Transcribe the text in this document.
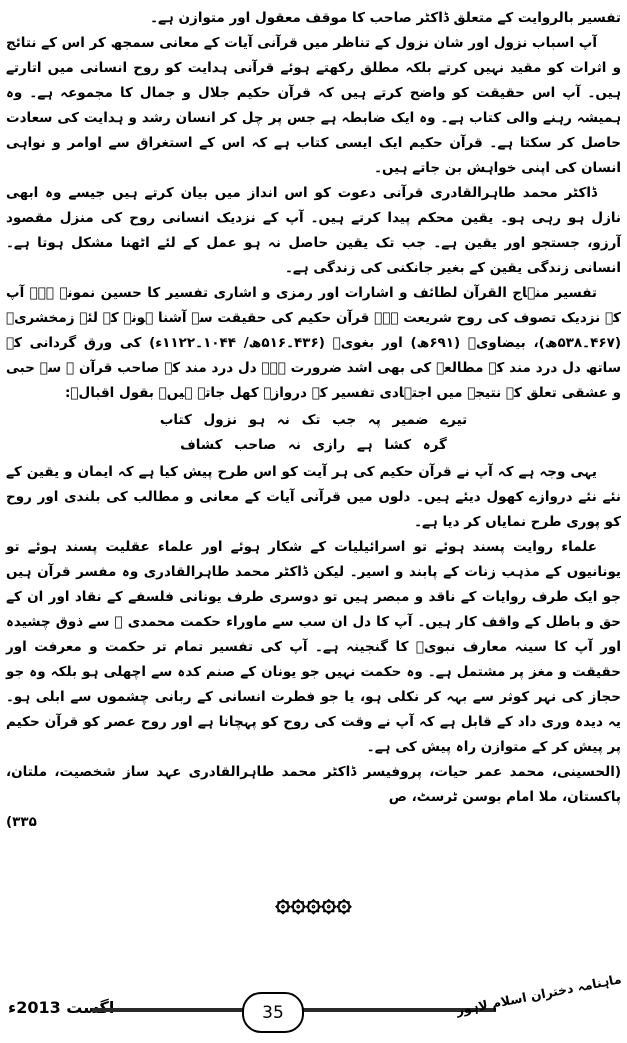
تفسیر بالروایت کے متعلق ڈاکٹر صاحب کا موقف معقول اور متوازن ہے۔

آپ اسباب نزول اور شان نزول کے تناظر میں قرآنی آیات کے معانی سمجھ کر اس کے نتائج و اثرات کو مقید نہیں کرتے بلکہ مطلق رکھتے ہوئے قرآنی ہدایت کو روح انسانی میں اتارتے ہیں۔ آپ اس حقیقت کو واضح کرتے ہیں کہ قرآن حکیم جلال و جمال کا مجموعہ ہے۔ وہ ہمیشہ رہنے والی کتاب ہے۔ وہ ایک ضابطہ ہے جس پر چل کر انسان رشد و ہدایت کی سعادت حاصل کر سکتا ہے۔ قرآن حکیم ایک ایسی کتاب ہے کہ اس کے استغراق سے اوامر و نواہی انسان کی اپنی خواہش بن جاتے ہیں۔

ڈاکٹر محمد طاہرالقادری قرآنی دعوت کو اس انداز میں بیان کرتے ہیں جیسے وہ ابھی نازل ہو رہی ہو۔ یقین محکم پیدا کرتے ہیں۔ آپ کے نزدیک انسانی روح کی منزل مقصود آرزو، جستجو اور یقین ہے۔ جب تک یقین حاصل نہ ہو عمل کے لئے اٹھنا مشکل ہوتا ہے۔ انسانی زندگی یقین کے بغیر جانکنی کی زندگی ہے۔

تفسیر منہاج القرآن لطائف و اشارات اور رمزی و اشاری تفسیر کا حسین نمونہ ہے۔ آپ کے نزدیک تصوف کی روح شریعت ہے۔ قرآن حکیم کی حقیقت سے آشنا ہونے کے لئے زمخشریؒ (۴۶۷۔۵۳۸ھ)، بیضاویؒ (۶۹۱ھ) اور بغویؒ (۴۳۶۔۵۱۶ھ/ ۱۰۴۴۔۱۱۲۲ء) کی ورق گردانی کے ساتھ دل درد مند کے مطالعہ کی بھی اشد ضرورت ہے۔ دل درد مند کے صاحب قرآن ﷺ سے حبی و عشقی تعلق کے نتیجے میں اجتہادی تفسیر کے دروازے کھل جاتے ہیں۔ بقول اقبالؒ:

تیرے ضمیر پہ جب تک نہ ہو نزول کتاب
گرہ کشا ہے رازی نہ صاحب کشاف

یہی وجہ ہے کہ آپ نے قرآن حکیم کی ہر آیت کو اس طرح پیش کیا ہے کہ ایمان و یقین کے نئے نئے دروازے کھول دیئے ہیں۔ دلوں میں قرآنی آیات کے معانی و مطالب کی بلندی اور روح کو پوری طرح نمایاں کر دیا ہے۔

علماء روایت پسند ہوئے تو اسرائیلیات کے شکار ہوئے اور علماء عقلیت پسند ہوئے تو یونانیوں کے مذہب زنات کے پابند و اسیر۔ لیکن ڈاکٹر محمد طاہرالقادری وہ مفسر قرآن ہیں جو ایک طرف روایات کے ناقد و مبصر ہیں تو دوسری طرف یونانی فلسفے کے نقاد اور ان کے حق و باطل کے واقف کار ہیں۔ آپ کا دل ان سب سے ماوراء حکمت محمدی ﷺ سے ذوق چشیدہ اور آپ کا سینہ معارف نبویؐ کا گنجینہ ہے۔ آپ کی تفسیر تمام تر حکمت و معرفت اور حقیقت و مغز پر مشتمل ہے۔ وہ حکمت نہیں جو یونان کے صنم کدہ سے اچھلی ہو بلکہ وہ جو حجاز کی نہر کوثر سے بہہ کر نکلی ہو، یا جو فطرت انسانی کے ربانی چشموں سے ابلی ہو۔ یہ دیدہ وری داد کے قابل ہے کہ آپ نے وقت کی روح کو پہچانا ہے اور روح عصر کو قرآن حکیم پر پیش کر کے متوازن راہ پیش کی ہے۔

(الحسینی، محمد عمر حیات، پروفیسر ڈاکٹر محمد طاہرالقادری عہد ساز شخصیت، ملتان، پاکستان، ملا امام بوسن ٹرسٹ، ص

۳۳۵)
۞۞۞۞۞
اگست 2013ء	35	ماہنامہ دختران اسلام لاہور
